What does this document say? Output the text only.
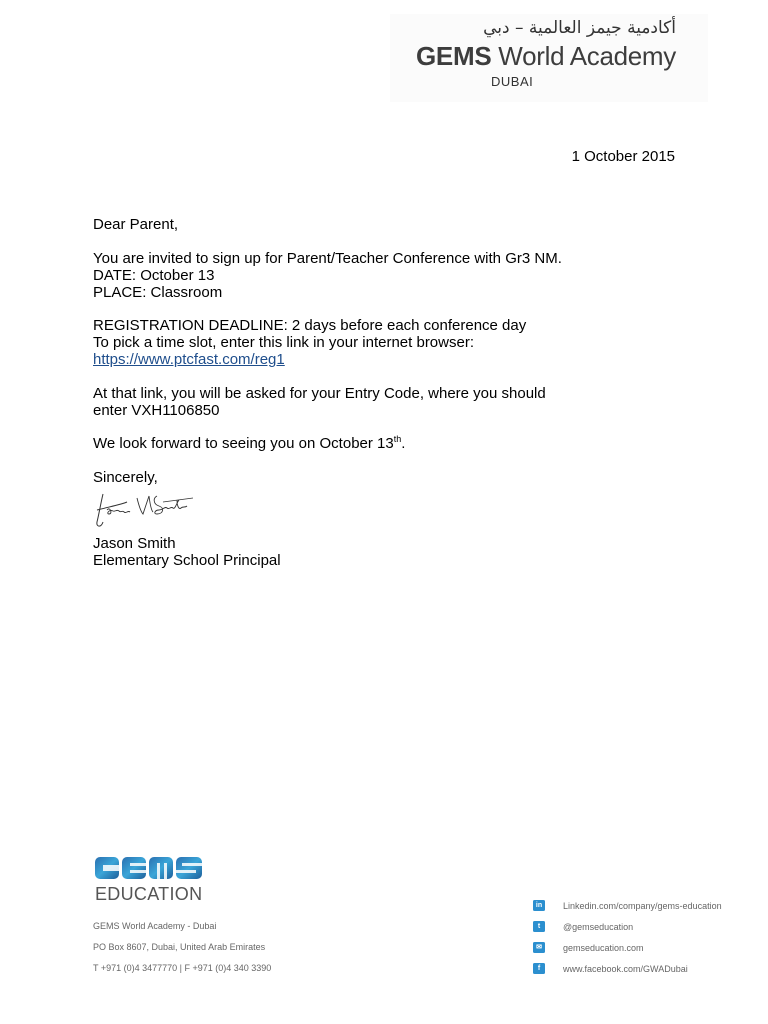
أكادمية جيمز العالمية – دبي
GEMS World Academy
DUBAI
1 October 2015

Dear Parent,

You are invited to sign up for Parent/Teacher Conference with Gr3 NM.

DATE: October 13

PLACE: Classroom

REGISTRATION DEADLINE: 2 days before each conference day

To pick a time slot, enter this link in your internet browser:

https://www.ptcfast.com/reg1

At that link, you will be asked for your Entry Code, where you should

enter VXH1106850

We look forward to seeing you on October 13th.

Sincerely,

Jason Smith

Elementary School Principal

EDUCATION
GEMS World Academy - Dubai
PO Box 8607, Dubai, United Arab Emirates
T +971 (0)4 3477770 | F +971 (0)4 340 3390
in	Linkedin.com/company/gems-education
t	@gemseducation
✉	gemseducation.com
f	www.facebook.com/GWADubai
